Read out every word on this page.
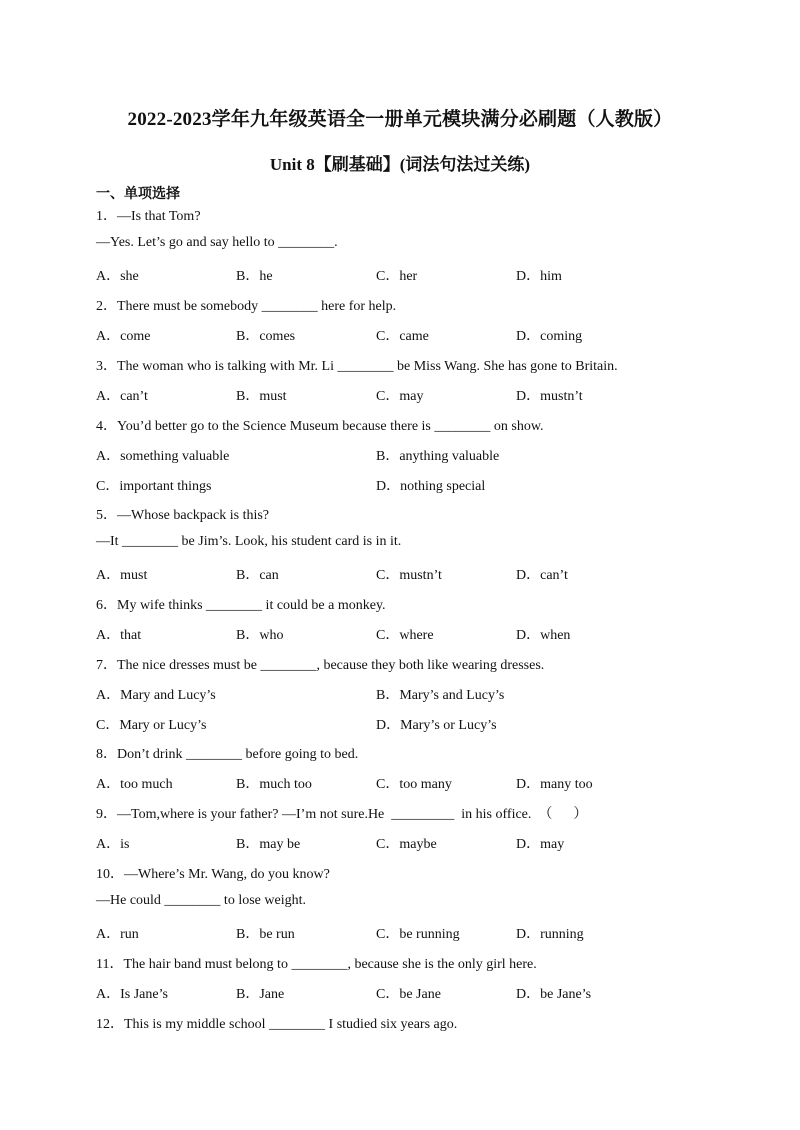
2022-2023学年九年级英语全一册单元模块满分必刷题（人教版）
Unit 8【刷基础】(词法句法过关练)
一、单项选择
1．—Is that Tom?
—Yes. Let’s go and say hello to ________.
A．she	B．he	C．her	D．him
2．There must be somebody ________ here for help.
A．come	B．comes	C．came	D．coming
3．The woman who is talking with Mr. Li ________ be Miss Wang. She has gone to Britain.
A．can’t	B．must	C．may	D．mustn’t
4．You’d better go to the Science Museum because there is ________ on show.
A．something valuable	B．anything valuable
C．important things	D．nothing special
5．—Whose backpack is this?
—It ________ be Jim’s. Look, his student card is in it.
A．must	B．can	C．mustn’t	D．can’t
6．My wife thinks ________ it could be a monkey.
A．that	B．who	C．where	D．when
7．The nice dresses must be ________, because they both like wearing dresses.
A．Mary and Lucy’s	B．Mary’s and Lucy’s
C．Mary or Lucy’s	D．Mary’s or Lucy’s
8．Don’t drink ________ before going to bed.
A．too much	B．much too	C．too many	D．many too
9．—Tom,where is your father? —I’m not sure.He  _________  in his office.  （      ）
A．is	B．may be	C．maybe	D．may
10．—Where’s Mr. Wang, do you know?
—He could ________ to lose weight.
A．run	B．be run	C．be running	D．running
11．The hair band must belong to ________, because she is the only girl here.
A．Is Jane’s	B．Jane	C．be Jane	D．be Jane’s
12．This is my middle school ________ I studied six years ago.
